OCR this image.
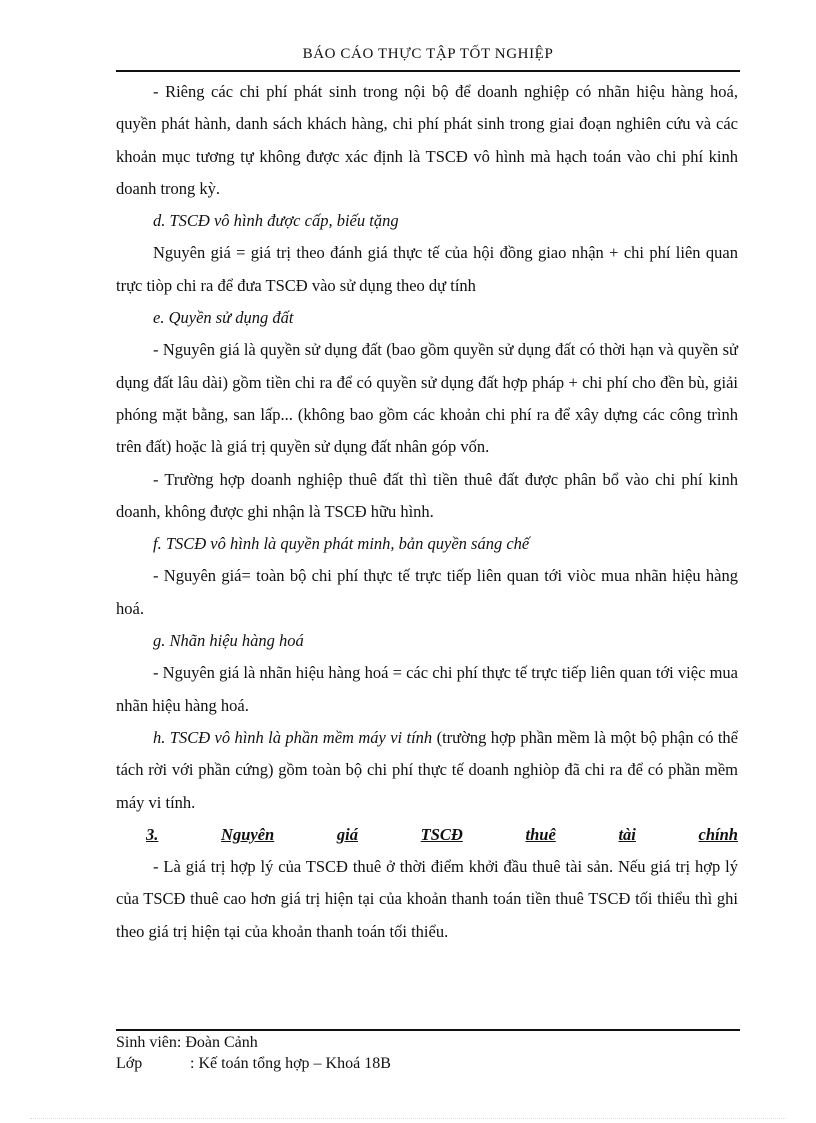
BÁO CÁO THỰC TẬP TỐT NGHIỆP

- Riêng các chi phí phát sinh trong nội bộ để doanh nghiệp có nhãn hiệu hàng hoá, quyền phát hành, danh sách khách hàng, chi phí phát sinh trong giai đoạn nghiên cứu và các khoản mục tương tự không được xác định là TSCĐ vô hình mà hạch toán vào chi phí kinh doanh trong kỳ.

d. TSCĐ vô hình được cấp, biếu tặng

Nguyên giá = giá trị theo đánh giá thực tế của hội đồng giao nhận + chi phí liên quan trực tiòp chi ra để đưa TSCĐ vào sử dụng theo dự tính

e. Quyền sử dụng đất

- Nguyên giá là quyền sử dụng đất (bao gồm quyền sử dụng đất có thời hạn và quyền sử dụng đất lâu dài) gồm tiền chi ra để có quyền sử dụng đất hợp pháp + chi phí cho đền bù, giải phóng mặt bằng, san lấp... (không bao gồm các khoản chi phí ra để xây dựng các công trình trên đất) hoặc là giá trị quyền sử dụng đất nhân góp vốn.

- Trường hợp doanh nghiệp thuê đất thì tiền thuê đất được phân bổ vào chi phí kinh doanh, không được ghi nhận là TSCĐ hữu hình.

f. TSCĐ vô hình là quyền phát minh, bản quyền sáng chế

- Nguyên giá= toàn bộ chi phí thực tế trực tiếp liên quan tới viòc mua nhãn hiệu hàng hoá.

g. Nhãn hiệu hàng hoá

- Nguyên giá là nhãn hiệu hàng hoá = các chi phí thực tế trực tiếp liên quan tới việc mua nhãn hiệu hàng hoá.

h. TSCĐ vô hình là phần mềm máy vi tính (trường hợp phần mềm là một bộ phận có thể tách rời với phần cứng) gồm toàn bộ chi phí thực tế doanh nghiòp đã chi ra để có phần mềm máy vi tính.

3.	Nguyên	giá	TSCĐ	thuê	tài	chính

- Là giá trị hợp lý của TSCĐ thuê ở thời điểm khởi đầu thuê tài sản. Nếu giá trị hợp lý của TSCĐ thuê cao hơn giá trị hiện tại của khoản thanh toán tiền thuê TSCĐ tối thiểu thì ghi theo giá trị hiện tại của khoản thanh toán tối thiểu.

Sinh viên:
Đoàn Cảnh
Lớp	: Kế toán tổng hợp – Khoá 18B
